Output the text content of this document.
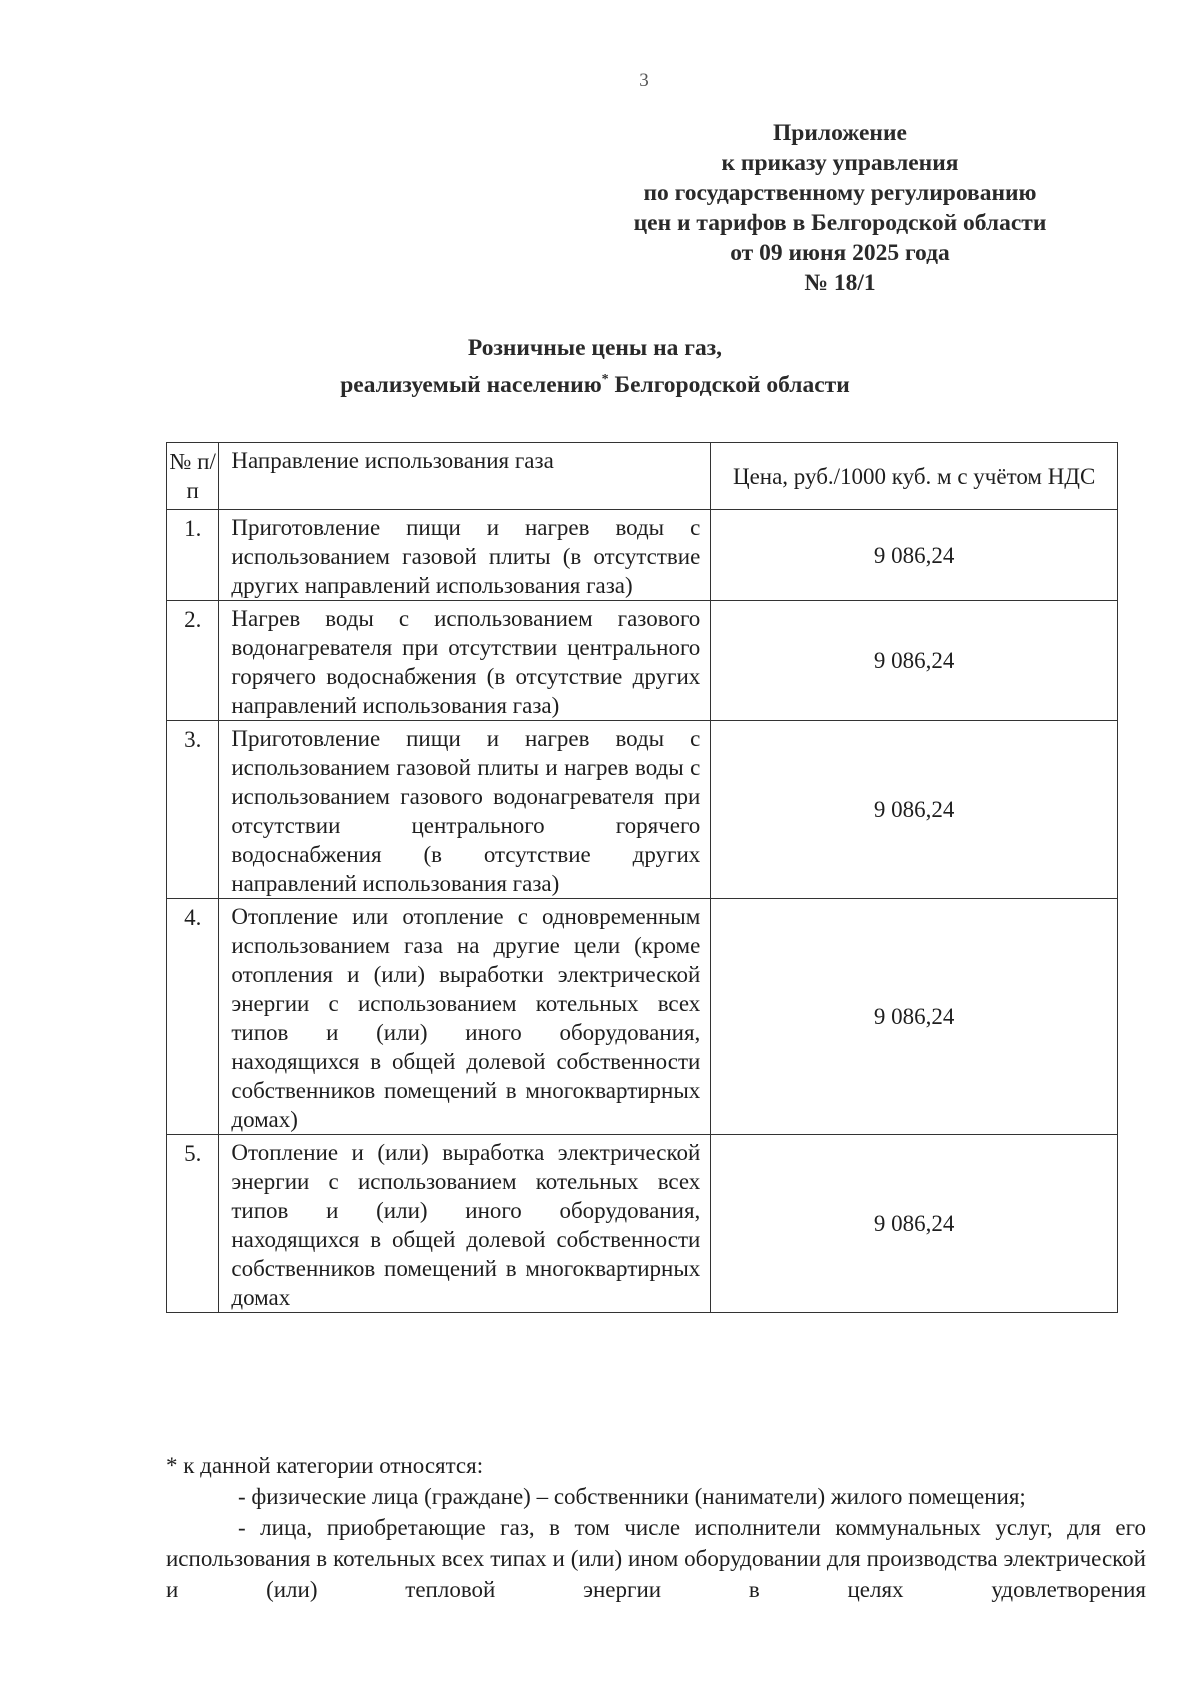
3
Приложение
к приказу управления
по государственному регулированию
цен и тарифов в Белгородской области
от 09 июня 2025 года
№ 18/1
Розничные цены на газ,
реализуемый населению* Белгородской области
№ п/п	Направление использования газа	Цена, руб./1000 куб. м с учётом НДС
1.	Приготовление пищи и нагрев воды с использованием газовой плиты (в отсутствие других направлений использования газа)	9 086,24
2.	Нагрев воды с использованием газового водонагревателя при отсутствии центрального горячего водоснабжения (в отсутствие других направлений использования газа)	9 086,24
3.	Приготовление пищи и нагрев воды с использованием газовой плиты и нагрев воды с использованием газового водонагревателя при отсутствии центрального горячего водоснабжения (в отсутствие других направлений использования газа)	9 086,24
4.	Отопление или отопление с одновременным использованием газа на другие цели (кроме отопления и (или) выработки электрической энергии с использованием котельных всех типов и (или) иного оборудования, находящихся в общей долевой собственности собственников помещений в многоквартирных домах)	9 086,24
5.	Отопление и (или) выработка электрической энергии с использованием котельных всех типов и (или) иного оборудования, находящихся в общей долевой собственности собственников помещений в многоквартирных домах	9 086,24

* к данной категории относятся:

- физические лица (граждане) – собственники (наниматели) жилого помещения;

- лица, приобретающие газ, в том числе исполнители коммунальных услуг, для его использования в котельных всех типах и (или) ином оборудовании для производства электрической и (или) тепловой энергии в целях удовлетворения
